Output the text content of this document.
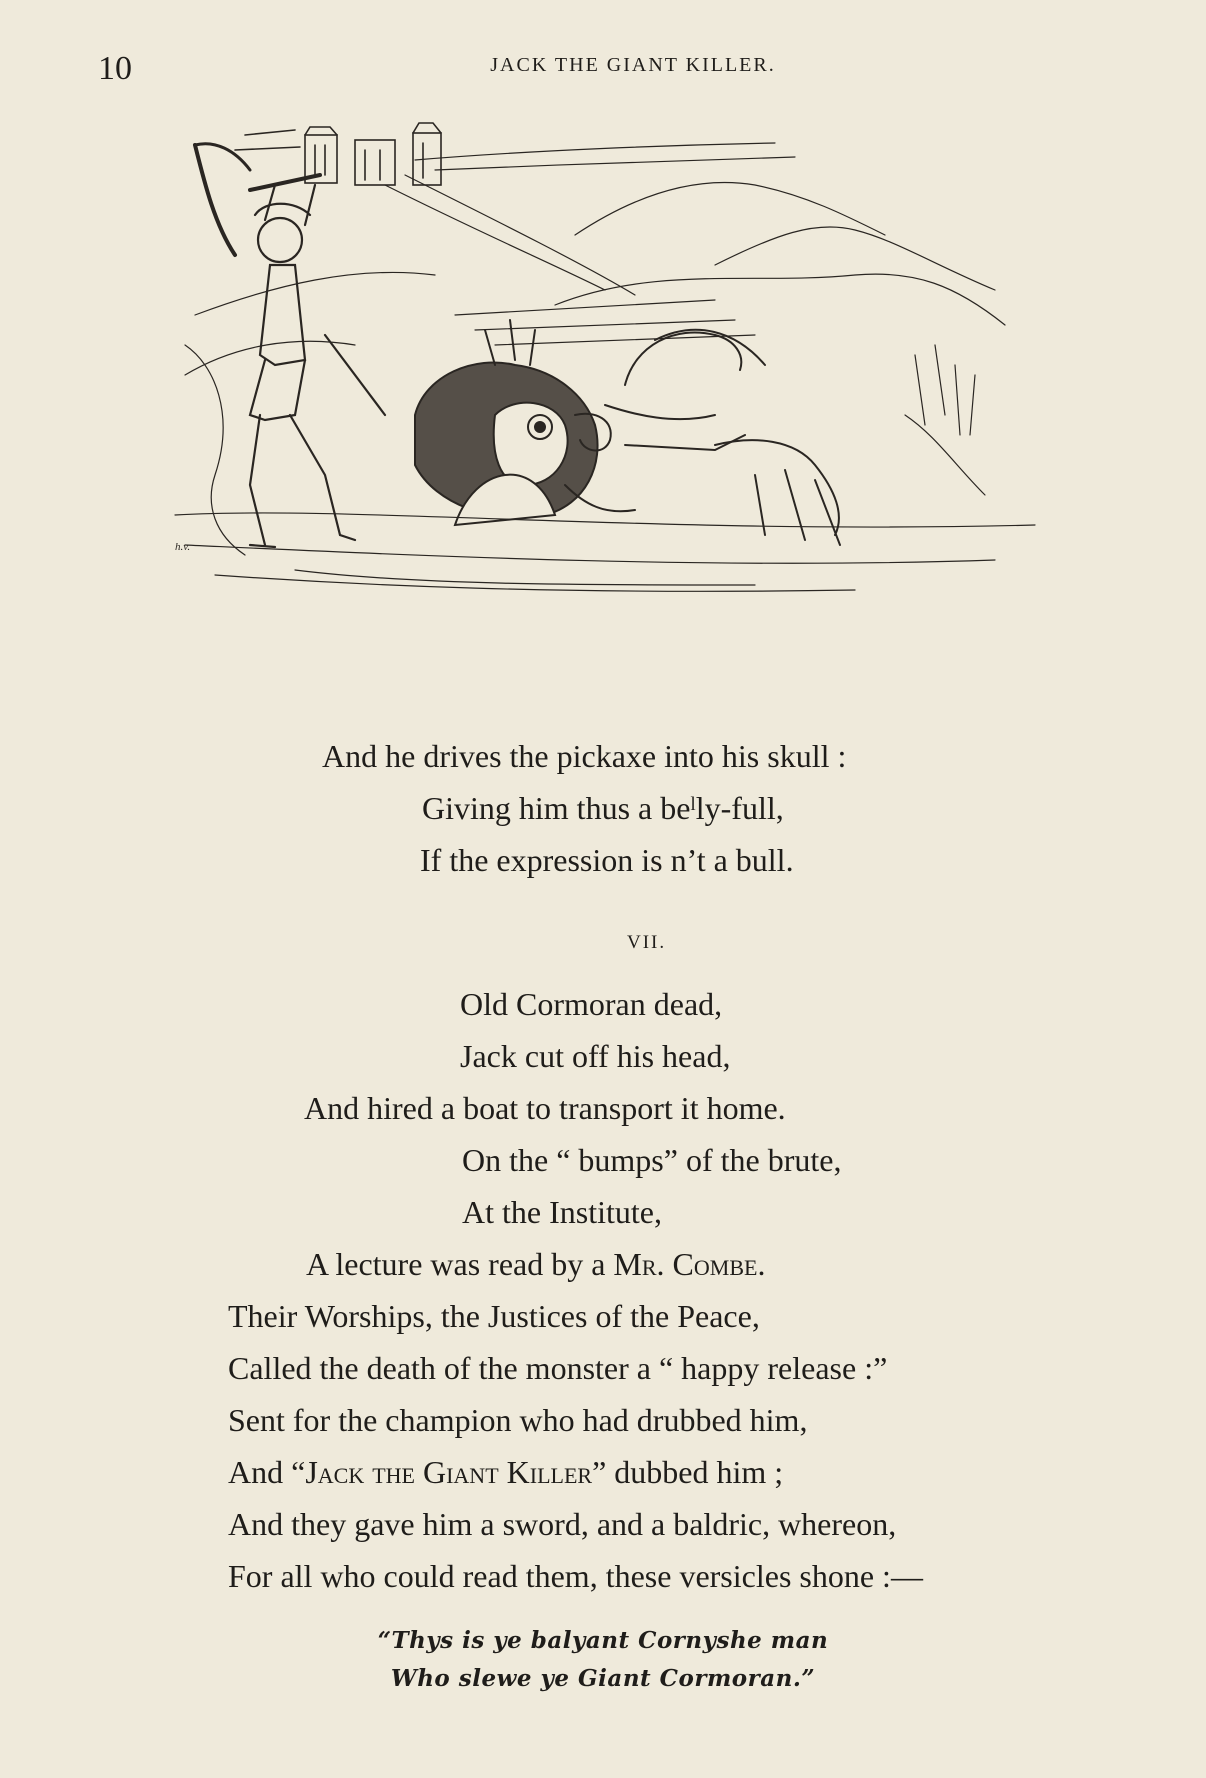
10	JACK THE GIANT KILLER.
h.v.
And he drives the pickaxe into his skull :
Giving him thus a beˡly-full,
If the expression is n’t a bull.
VII.
Old Cormoran dead,
Jack cut off his head,
And hired a boat to transport it home.
On the “ bumps” of the brute,
At the Institute,
A lecture was read by a Mr. Combe.
Their Worships, the Justices of the Peace,
Called the death of the monster a “ happy release :”
Sent for the champion who had drubbed him,
And “Jack the Giant Killer” dubbed him ;
And they gave him a sword, and a baldric, whereon,
For all who could read them, these versicles shone :—
“Thys is ye balyant Cornyshe man
Who slewe ye Giant Cormoran.”
